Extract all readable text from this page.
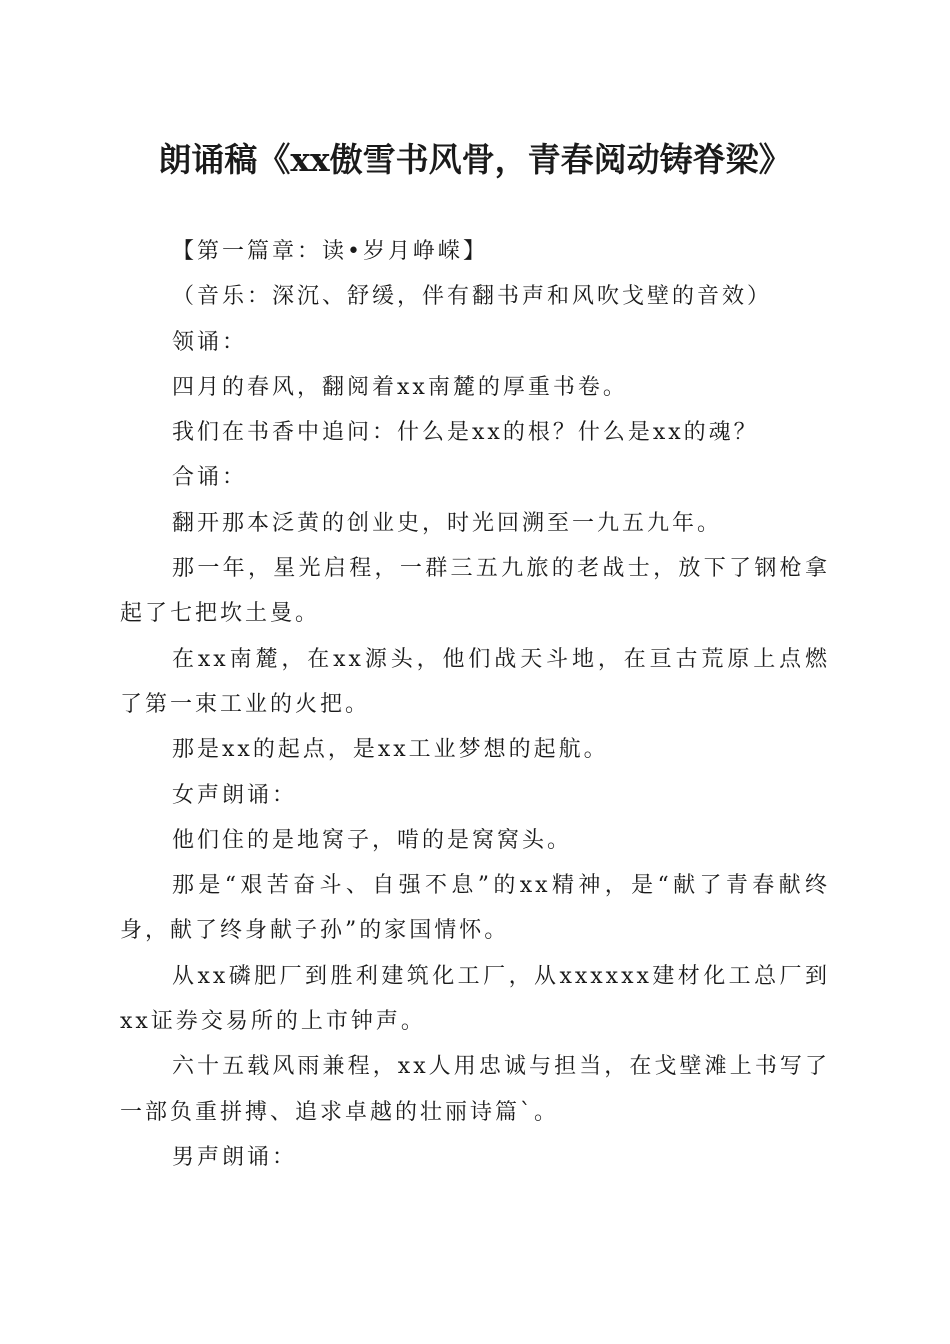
朗诵稿《xx傲雪书风骨，青春阅动铸脊梁》

【第一篇章：读•岁月峥嵘】

（音乐：深沉、舒缓，伴有翻书声和风吹戈壁的音效）

领诵：

四月的春风，翻阅着xx南麓的厚重书卷。

我们在书香中追问：什么是xx的根？什么是xx的魂？

合诵：

翻开那本泛黄的创业史，时光回溯至一九五九年。

那一年，星光启程，一群三五九旅的老战士，放下了钢枪拿起了七把坎土曼。

在xx南麓，在xx源头，他们战天斗地，在亘古荒原上点燃了第一束工业的火把。

那是xx的起点，是xx工业梦想的起航。

女声朗诵：

他们住的是地窝子，啃的是窝窝头。

那是“艰苦奋斗、自强不息”的xx精神，是“献了青春献终身，献了终身献子孙”的家国情怀。

从xx磷肥厂到胜利建筑化工厂，从xxxxxx建材化工总厂到xx证券交易所的上市钟声。

六十五载风雨兼程，xx人用忠诚与担当，在戈壁滩上书写了一部负重拼搏、追求卓越的壮丽诗篇`。

男声朗诵：
